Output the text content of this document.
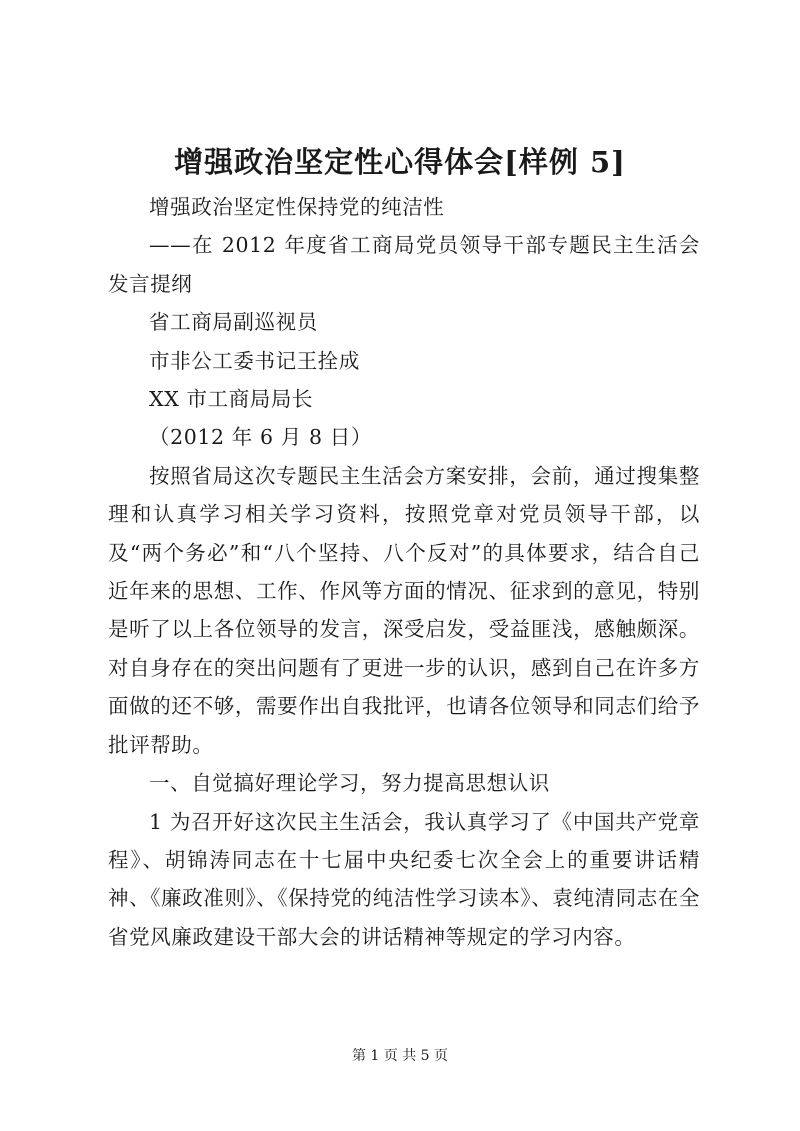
增强政治坚定性心得体会[样例 5]

增强政治坚定性保持党的纯洁性

——在 2012 年度省工商局党员领导干部专题民主生活会发言提纲

省工商局副巡视员

市非公工委书记王拴成

XX 市工商局局长

（2012 年 6 月 8 日）

按照省局这次专题民主生活会方案安排，会前，通过搜集整理和认真学习相关学习资料，按照党章对党员领导干部，以及“两个务必”和“八个坚持、八个反对”的具体要求，结合自己近年来的思想、工作、作风等方面的情况、征求到的意见，特别是听了以上各位领导的发言，深受启发，受益匪浅，感触颇深。对自身存在的突出问题有了更进一步的认识，感到自己在许多方面做的还不够，需要作出自我批评，也请各位领导和同志们给予批评帮助。

一、自觉搞好理论学习，努力提高思想认识

1 为召开好这次民主生活会，我认真学习了《中国共产党章程》、胡锦涛同志在十七届中央纪委七次全会上的重要讲话精神、《廉政准则》、《保持党的纯洁性学习读本》、袁纯清同志在全省党风廉政建设干部大会的讲话精神等规定的学习内容。

第 1 页 共 5 页
